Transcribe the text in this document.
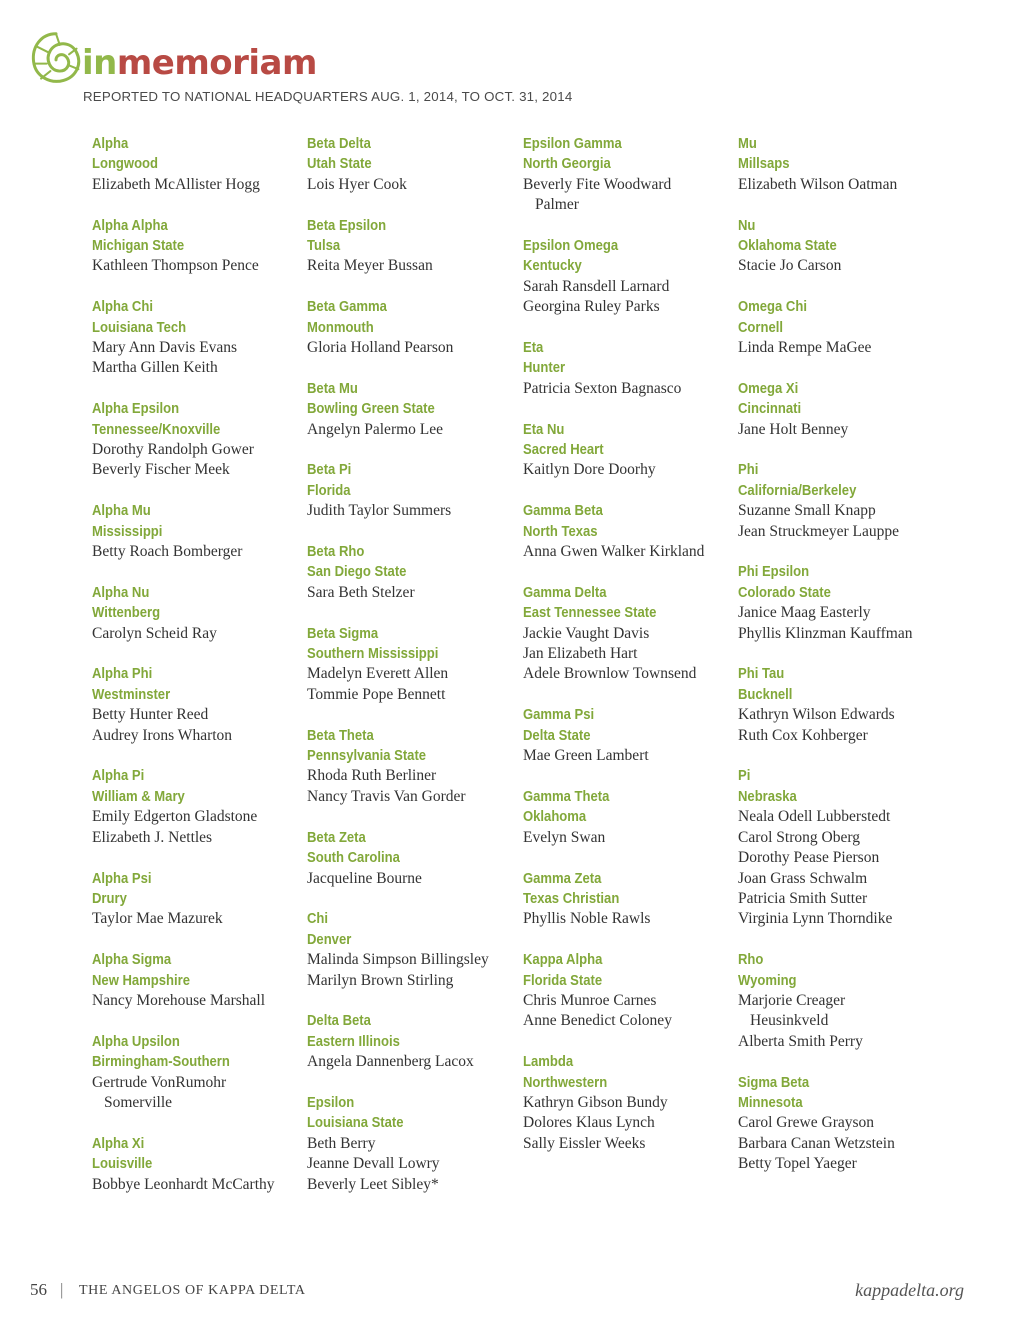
inmemoriam
REPORTED TO NATIONAL HEADQUARTERS AUG. 1, 2014, TO OCT. 31, 2014
Alpha
Longwood
Elizabeth McAllister Hogg
Alpha Alpha
Michigan State
Kathleen Thompson Pence
Alpha Chi
Louisiana Tech
Mary Ann Davis Evans
Martha Gillen Keith
Alpha Epsilon
Tennessee/Knoxville
Dorothy Randolph Gower
Beverly Fischer Meek
Alpha Mu
Mississippi
Betty Roach Bomberger
Alpha Nu
Wittenberg
Carolyn Scheid Ray
Alpha Phi
Westminster
Betty Hunter Reed
Audrey Irons Wharton
Alpha Pi
William & Mary
Emily Edgerton Gladstone
Elizabeth J. Nettles
Alpha Psi
Drury
Taylor Mae Mazurek
Alpha Sigma
New Hampshire
Nancy Morehouse Marshall
Alpha Upsilon
Birmingham-Southern
Gertrude VonRumohr
Somerville
Alpha Xi
Louisville
Bobbye Leonhardt McCarthy
Beta Delta
Utah State
Lois Hyer Cook
Beta Epsilon
Tulsa
Reita Meyer Bussan
Beta Gamma
Monmouth
Gloria Holland Pearson
Beta Mu
Bowling Green State
Angelyn Palermo Lee
Beta Pi
Florida
Judith Taylor Summers
Beta Rho
San Diego State
Sara Beth Stelzer
Beta Sigma
Southern Mississippi
Madelyn Everett Allen
Tommie Pope Bennett
Beta Theta
Pennsylvania State
Rhoda Ruth Berliner
Nancy Travis Van Gorder
Beta Zeta
South Carolina
Jacqueline Bourne
Chi
Denver
Malinda Simpson Billingsley
Marilyn Brown Stirling
Delta Beta
Eastern Illinois
Angela Dannenberg Lacox
Epsilon
Louisiana State
Beth Berry
Jeanne Devall Lowry
Beverly Leet Sibley*
Epsilon Gamma
North Georgia
Beverly Fite Woodward
Palmer
Epsilon Omega
Kentucky
Sarah Ransdell Larnard
Georgina Ruley Parks
Eta
Hunter
Patricia Sexton Bagnasco
Eta Nu
Sacred Heart
Kaitlyn Dore Doorhy
Gamma Beta
North Texas
Anna Gwen Walker Kirkland
Gamma Delta
East Tennessee State
Jackie Vaught Davis
Jan Elizabeth Hart
Adele Brownlow Townsend
Gamma Psi
Delta State
Mae Green Lambert
Gamma Theta
Oklahoma
Evelyn Swan
Gamma Zeta
Texas Christian
Phyllis Noble Rawls
Kappa Alpha
Florida State
Chris Munroe Carnes
Anne Benedict Coloney
Lambda
Northwestern
Kathryn Gibson Bundy
Dolores Klaus Lynch
Sally Eissler Weeks
Mu
Millsaps
Elizabeth Wilson Oatman
Nu
Oklahoma State
Stacie Jo Carson
Omega Chi
Cornell
Linda Rempe MaGee
Omega Xi
Cincinnati
Jane Holt Benney
Phi
California/Berkeley
Suzanne Small Knapp
Jean Struckmeyer Lauppe
Phi Epsilon
Colorado State
Janice Maag Easterly
Phyllis Klinzman Kauffman
Phi Tau
Bucknell
Kathryn Wilson Edwards
Ruth Cox Kohberger
Pi
Nebraska
Neala Odell Lubberstedt
Carol Strong Oberg
Dorothy Pease Pierson
Joan Grass Schwalm
Patricia Smith Sutter
Virginia Lynn Thorndike
Rho
Wyoming
Marjorie Creager
Heusinkveld
Alberta Smith Perry
Sigma Beta
Minnesota
Carol Grewe Grayson
Barbara Canan Wetzstein
Betty Topel Yaeger
56 | THE ANGELOS OF KAPPA DELTA	kappadelta.org
